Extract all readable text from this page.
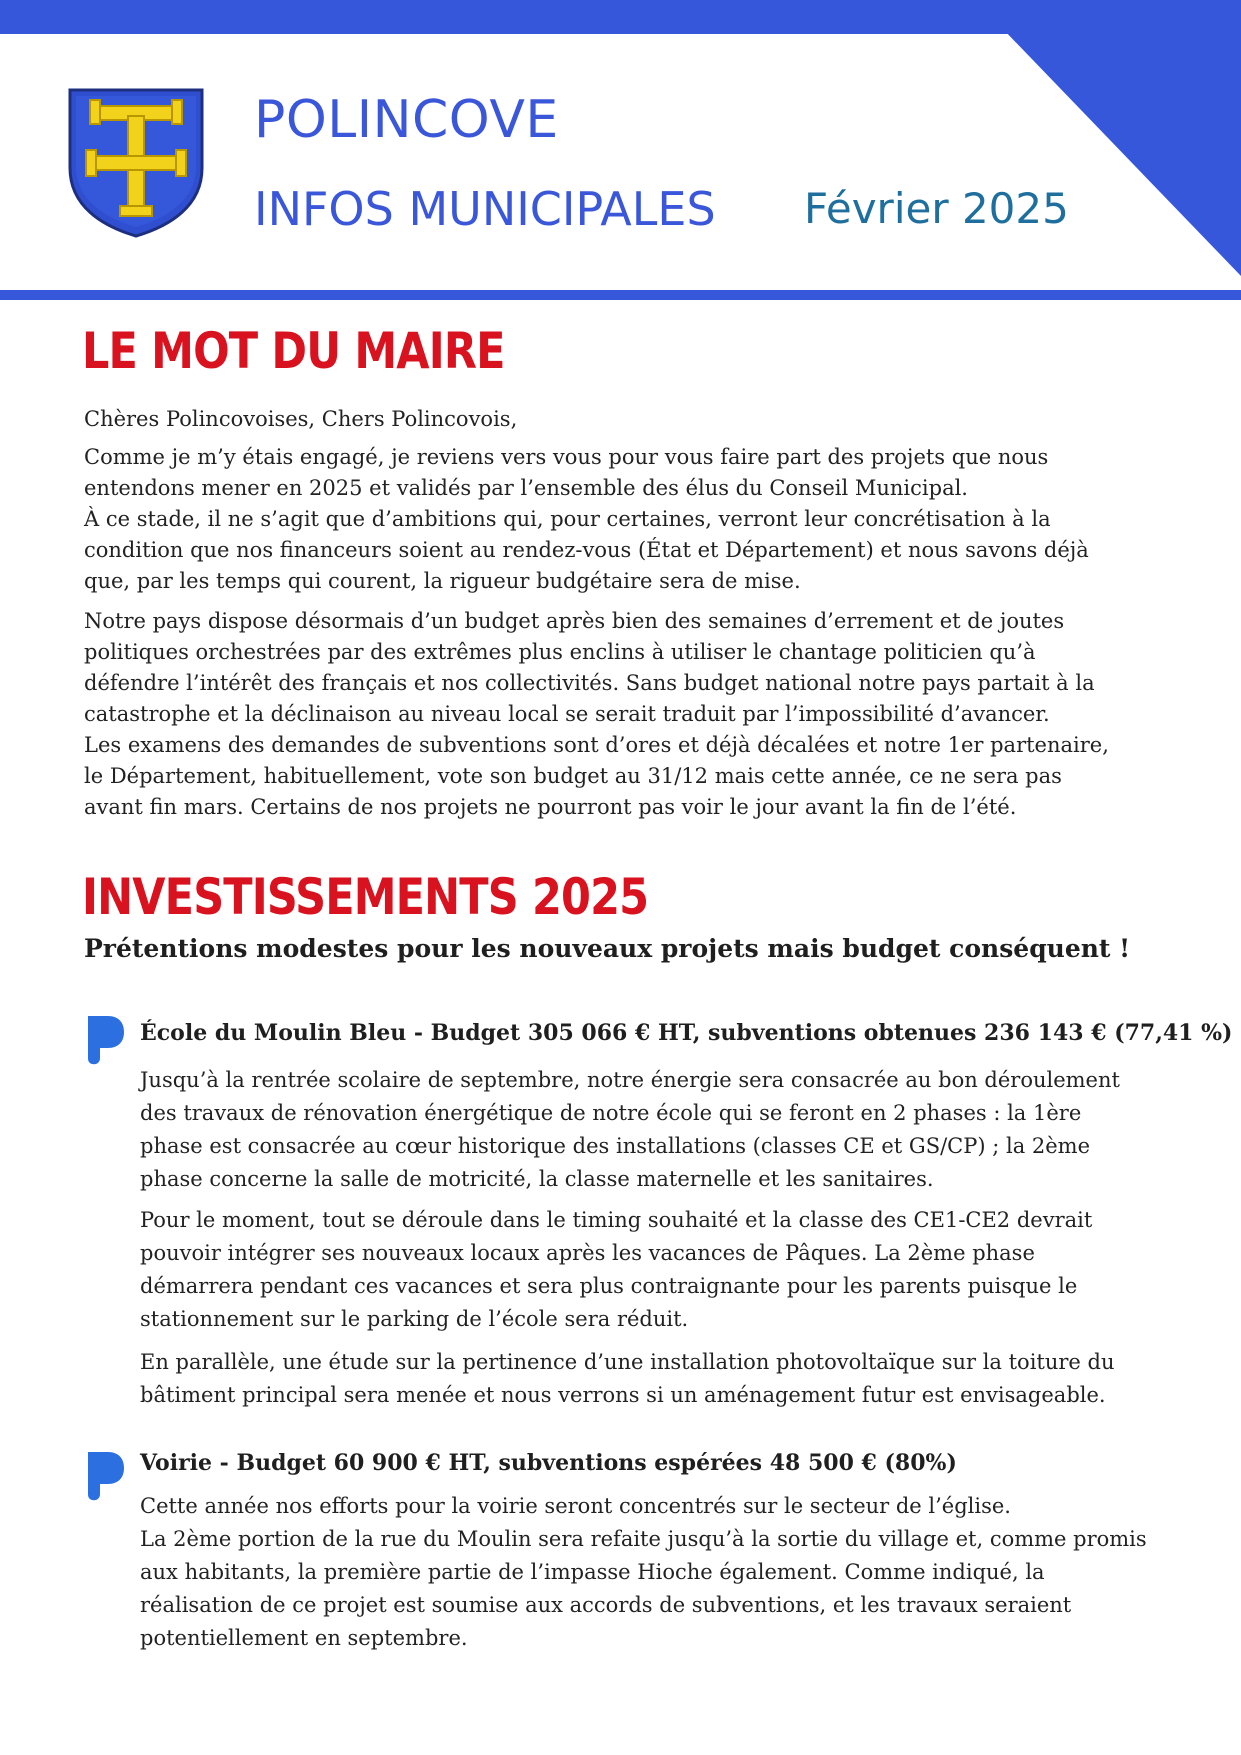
POLINCOVE
INFOS MUNICIPALES Février 2025
LE MOT DU MAIRE

Chères Polincovoises, Chers Polincovois,

Comme je m’y étais engagé, je reviens vers vous pour vous faire part des projets que nous
entendons mener en 2025 et validés par l’ensemble des élus du Conseil Municipal.
À ce stade, il ne s’agit que d’ambitions qui, pour certaines, verront leur concrétisation à la
condition que nos financeurs soient au rendez-vous (État et Département) et nous savons déjà
que, par les temps qui courent, la rigueur budgétaire sera de mise.

Notre pays dispose désormais d’un budget après bien des semaines d’errement et de joutes
politiques orchestrées par des extrêmes plus enclins à utiliser le chantage politicien qu’à
défendre l’intérêt des français et nos collectivités. Sans budget national notre pays partait à la
catastrophe et la déclinaison au niveau local se serait traduit par l’impossibilité d’avancer.
Les examens des demandes de subventions sont d’ores et déjà décalées et notre 1er partenaire,
le Département, habituellement, vote son budget au 31/12 mais cette année, ce ne sera pas
avant fin mars. Certains de nos projets ne pourront pas voir le jour avant la fin de l’été.

INVESTISSEMENTS 2025
Prétentions modestes pour les nouveaux projets mais budget conséquent !
École du Moulin Bleu - Budget 305 066 € HT, subventions obtenues 236 143 € (77,41 %)

Jusqu’à la rentrée scolaire de septembre, notre énergie sera consacrée au bon déroulement
des travaux de rénovation énergétique de notre école qui se feront en 2 phases : la 1ère
phase est consacrée au cœur historique des installations (classes CE et GS/CP) ; la 2ème
phase concerne la salle de motricité, la classe maternelle et les sanitaires.

Pour le moment, tout se déroule dans le timing souhaité et la classe des CE1-CE2 devrait
pouvoir intégrer ses nouveaux locaux après les vacances de Pâques. La 2ème phase
démarrera pendant ces vacances et sera plus contraignante pour les parents puisque le
stationnement sur le parking de l’école sera réduit.

En parallèle, une étude sur la pertinence d’une installation photovoltaïque sur la toiture du
bâtiment principal sera menée et nous verrons si un aménagement futur est envisageable.

Voirie - Budget 60 900 € HT, subventions espérées 48 500 € (80%)

Cette année nos efforts pour la voirie seront concentrés sur le secteur de l’église.
La 2ème portion de la rue du Moulin sera refaite jusqu’à la sortie du village et, comme promis
aux habitants, la première partie de l’impasse Hioche également. Comme indiqué, la
réalisation de ce projet est soumise aux accords de subventions, et les travaux seraient
potentiellement en septembre.
